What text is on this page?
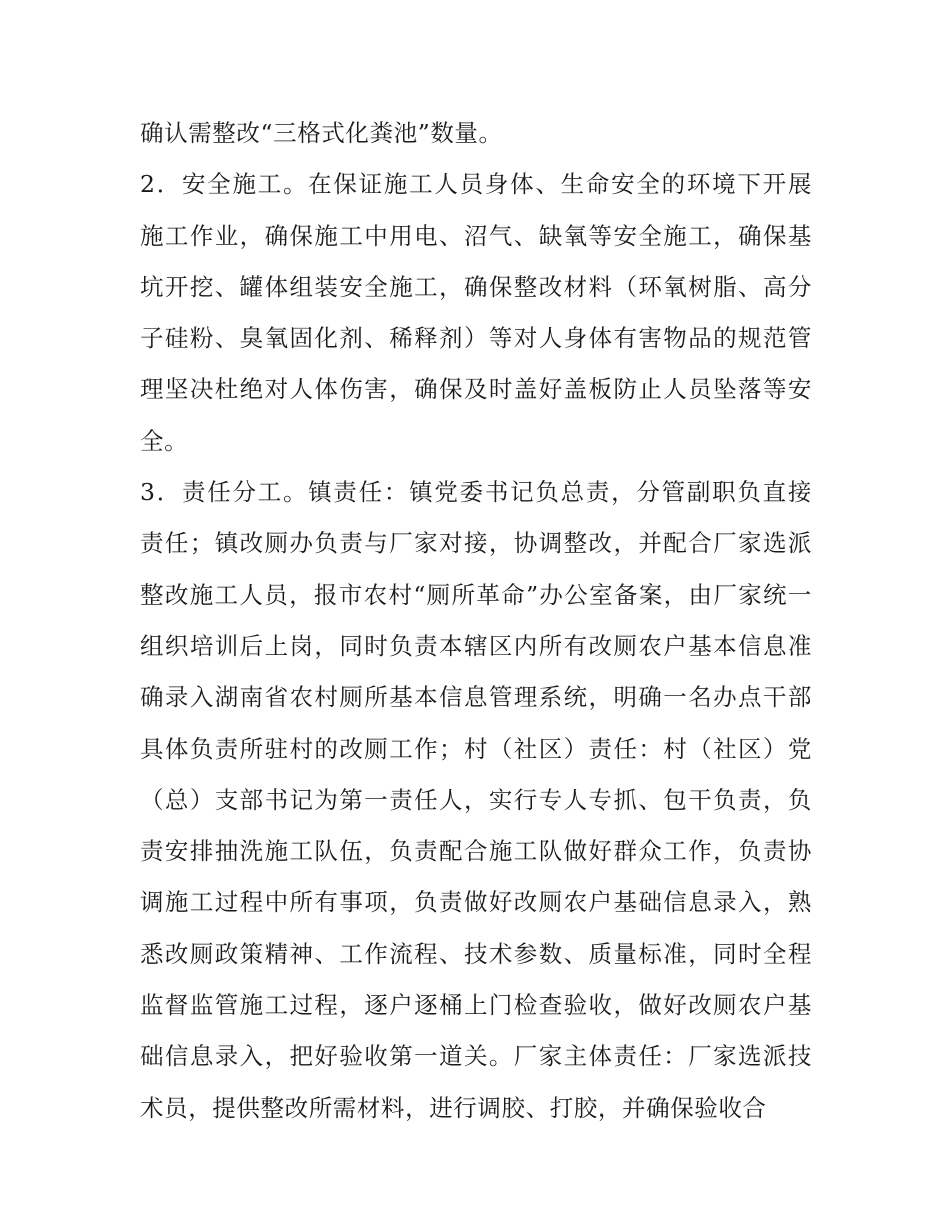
确认需整改“三格式化粪池”数量。
2．安全施工。在保证施工人员身体、生命安全的环境下开展
施工作业，确保施工中用电、沼气、缺氧等安全施工，确保基
坑开挖、罐体组装安全施工，确保整改材料（环氧树脂、高分
子硅粉、臭氧固化剂、稀释剂）等对人身体有害物品的规范管
理坚决杜绝对人体伤害，确保及时盖好盖板防止人员坠落等安
全。
3．责任分工。镇责任：镇党委书记负总责，分管副职负直接
责任；镇改厕办负责与厂家对接，协调整改，并配合厂家选派
整改施工人员，报市农村“厕所革命”办公室备案，由厂家统一
组织培训后上岗，同时负责本辖区内所有改厕农户基本信息准
确录入湖南省农村厕所基本信息管理系统，明确一名办点干部
具体负责所驻村的改厕工作；村（社区）责任：村（社区）党
（总）支部书记为第一责任人，实行专人专抓、包干负责，负
责安排抽洗施工队伍，负责配合施工队做好群众工作，负责协
调施工过程中所有事项，负责做好改厕农户基础信息录入，熟
悉改厕政策精神、工作流程、技术参数、质量标准，同时全程
监督监管施工过程，逐户逐桶上门检查验收，做好改厕农户基
础信息录入，把好验收第一道关。厂家主体责任：厂家选派技
术员，提供整改所需材料，进行调胶、打胶，并确保验收合
